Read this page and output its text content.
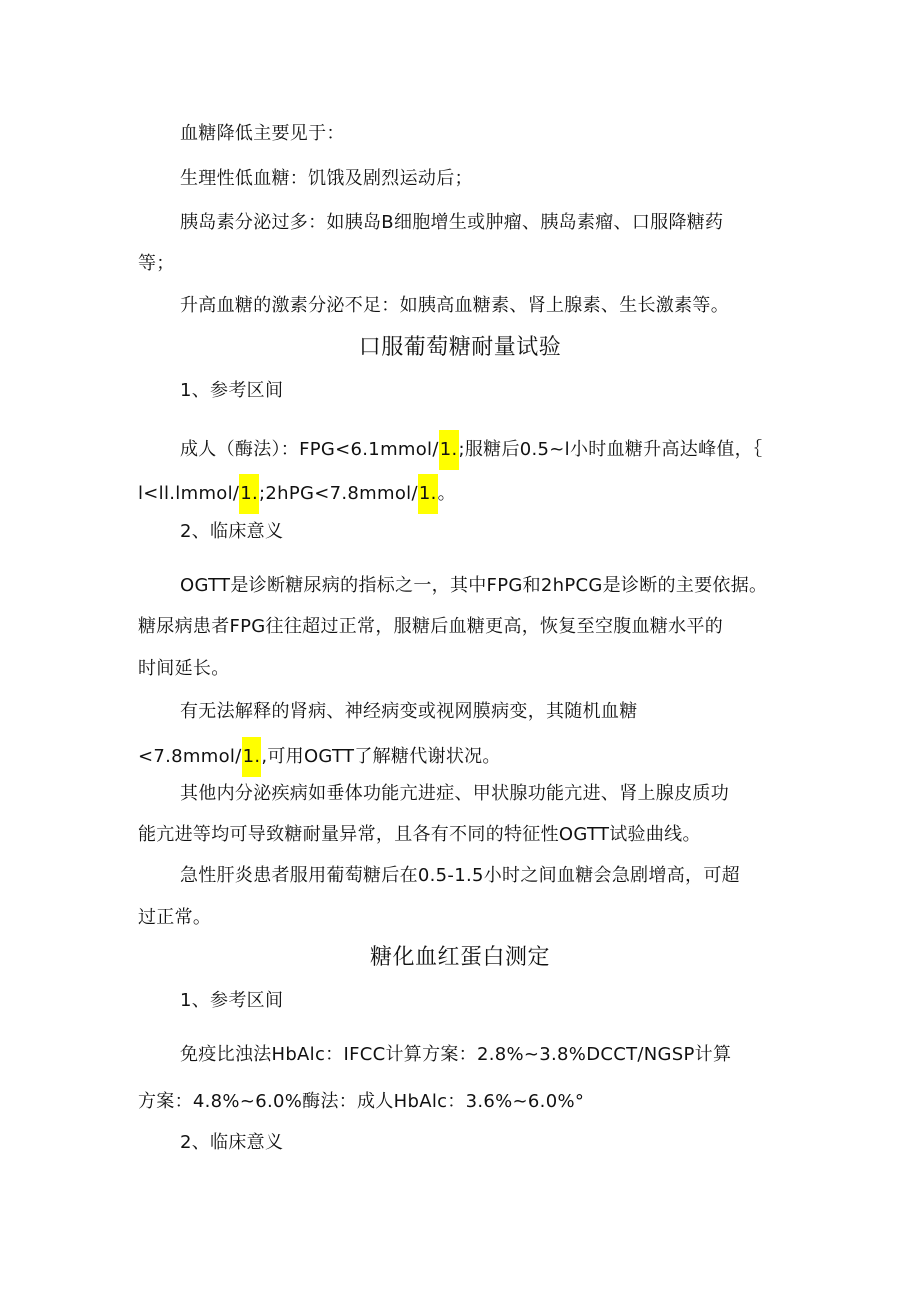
血糖降低主要见于：
生理性低血糖：饥饿及剧烈运动后；
胰岛素分泌过多：如胰岛B细胞增生或肿瘤、胰岛素瘤、口服降糖药
等；
升高血糖的激素分泌不足：如胰高血糖素、肾上腺素、生长激素等。
口服葡萄糖耐量试验
1、参考区间
成人（酶法）：FPG<6.1mmol∕1.;服糖后0.5~l小时血糖升高达峰值，｛
l<ll.lmmol∕1.;2hPG<7.8mmol∕1.。
2、临床意义
OGTT是诊断糖尿病的指标之一，其中FPG和2hPCG是诊断的主要依据。
糖尿病患者FPG往往超过正常，服糖后血糖更高，恢复至空腹血糖水平的
时间延长。
有无法解释的肾病、神经病变或视网膜病变，其随机血糖
<7.8mmol∕1.,可用OGTT了解糖代谢状况。
其他内分泌疾病如垂体功能亢进症、甲状腺功能亢进、肾上腺皮质功
能亢进等均可导致糖耐量异常，且各有不同的特征性OGTT试验曲线。
急性肝炎患者服用葡萄糖后在0.5-1.5小时之间血糖会急剧增高，可超
过正常。
糖化血红蛋白测定
1、参考区间
免疫比浊法HbAlc：IFCC计算方案：2.8%~3.8%DCCT/NGSP计算
方案：4.8%~6.0%酶法：成人HbAlc：3.6%~6.0%°
2、临床意义
